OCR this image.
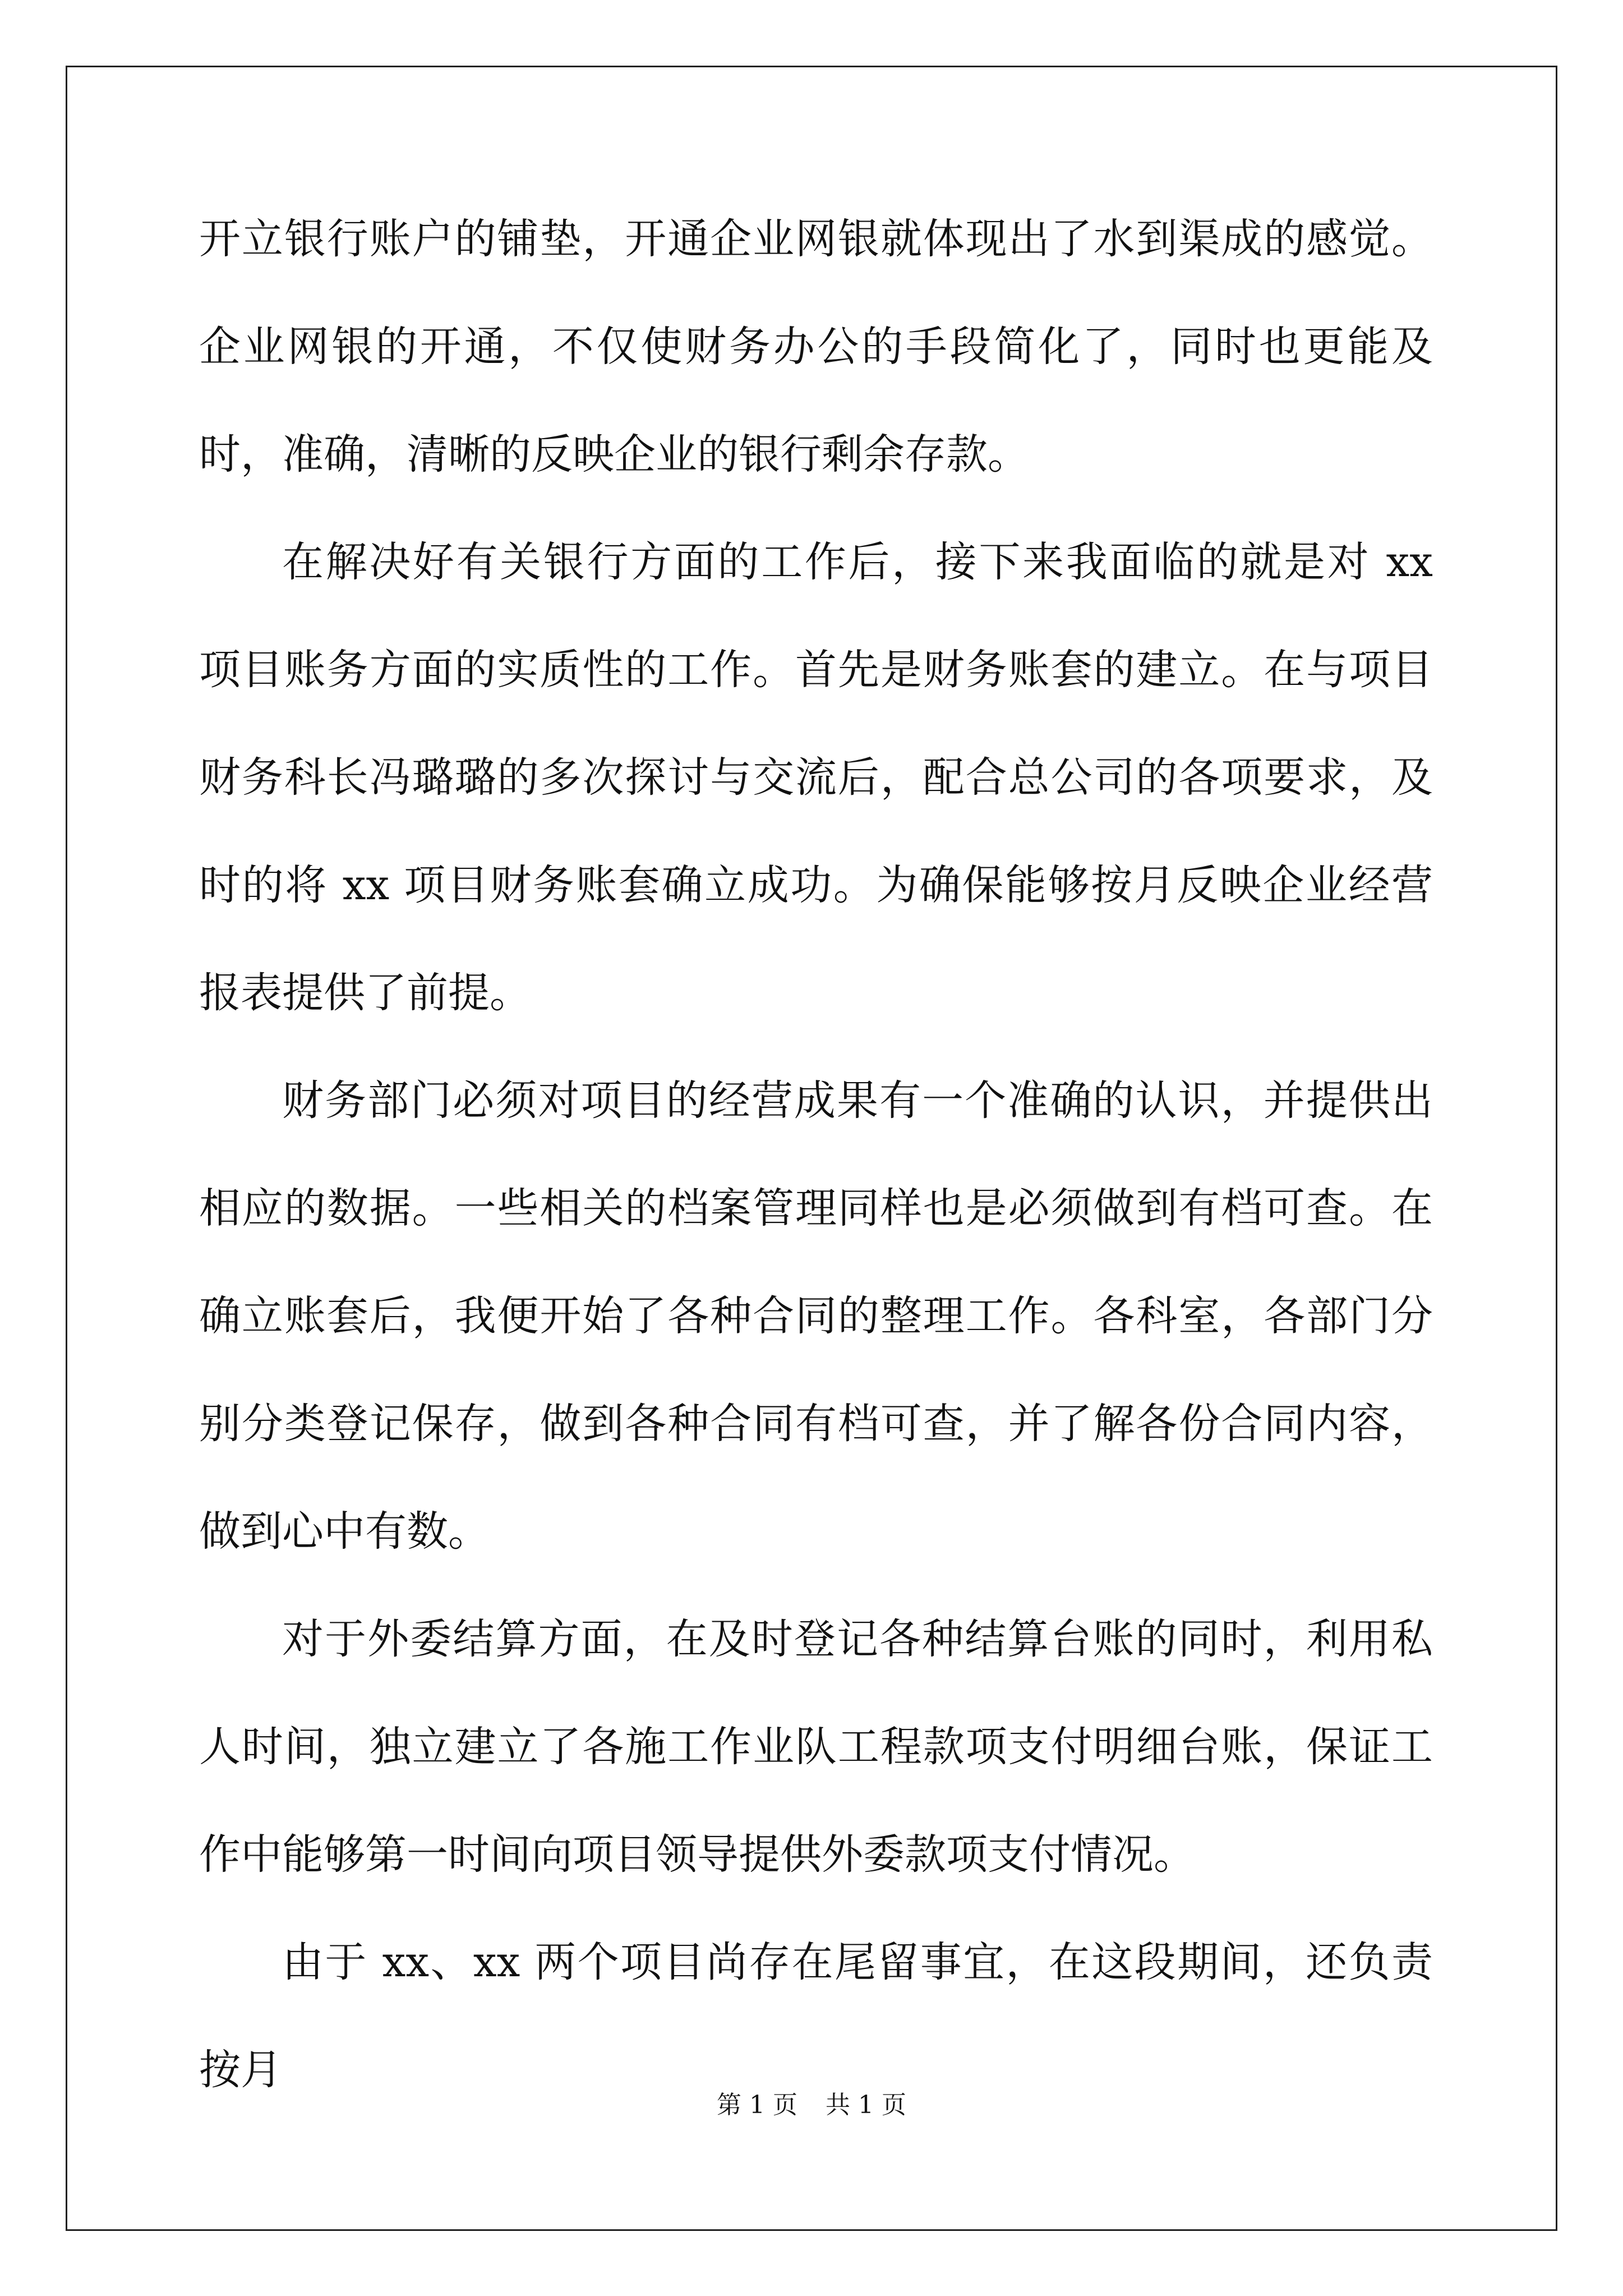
开立银行账户的铺垫，开通企业网银就体现出了水到渠成的感觉。企业网银的开通，不仅使财务办公的手段简化了，同时也更能及时，准确，清晰的反映企业的银行剩余存款。

在解决好有关银行方面的工作后，接下来我面临的就是对 xx 项目账务方面的实质性的工作。首先是财务账套的建立。在与项目财务科长冯璐璐的多次探讨与交流后，配合总公司的各项要求，及时的将 xx 项目财务账套确立成功。为确保能够按月反映企业经营报表提供了前提。

财务部门必须对项目的经营成果有一个准确的认识，并提供出相应的数据。一些相关的档案管理同样也是必须做到有档可查。在确立账套后，我便开始了各种合同的整理工作。各科室，各部门分别分类登记保存，做到各种合同有档可查，并了解各份合同内容，做到心中有数。

对于外委结算方面，在及时登记各种结算台账的同时，利用私人时间，独立建立了各施工作业队工程款项支付明细台账，保证工作中能够第一时间向项目领导提供外委款项支付情况。

由于 xx、xx 两个项目尚存在尾留事宜，在这段期间，还负责按月

第 1 页 共 1 页
